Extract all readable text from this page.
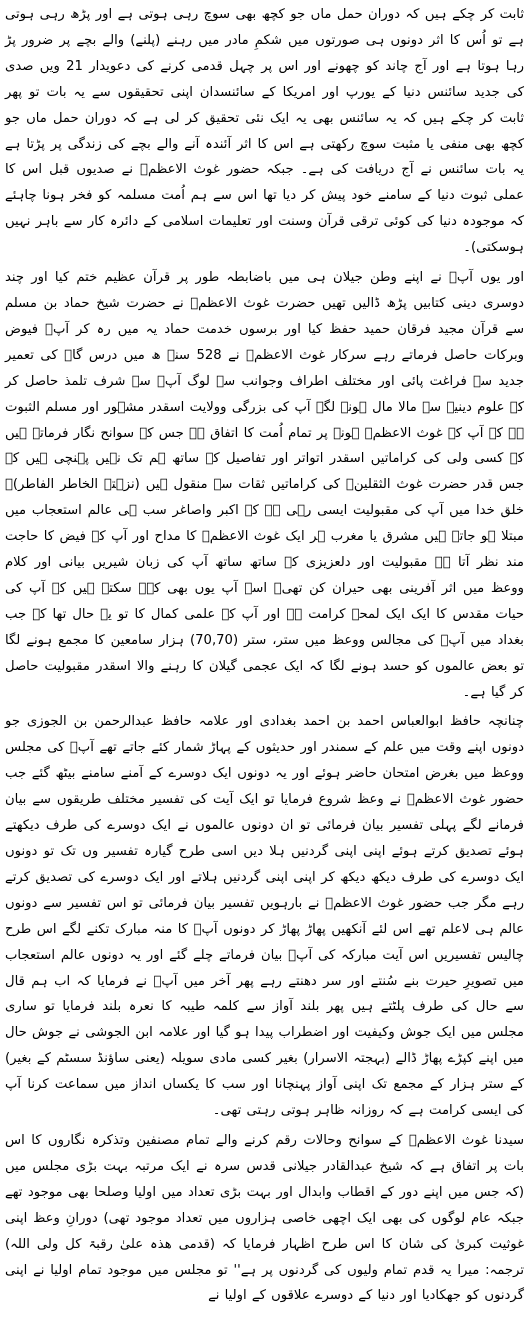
ثابت کر چکے ہیں کہ دوران حمل ماں جو کچھ بھی سوچ رہی ہوتی ہے اور پڑھ رہی ہوتی ہے تو اُس کا اثر دونوں ہی صورتوں میں شکمِ مادر میں رہنے (پلنے) والے بچے پر ضرور پڑ رہا ہوتا ہے اور آج چاند کو چھونے اور اس پر چہل قدمی کرنے کی دعویدار 21 ویں صدی کی جدید سائنس دنیا کے یورپ اور امریکا کے سائنسدان اپنی تحقیقوں سے یہ بات تو پھر ثابت کر چکے ہیں کہ یہ سائنس بھی یہ ایک نئی تحقیق کر لی ہے کہ دوران حمل ماں جو کچھ بھی منفی یا مثبت سوچ رکھتی ہے اس کا اثر آئندہ آنے والے بچے کی زندگی پر پڑتا ہے یہ بات سائنس نے آج دریافت کی ہے۔ جبکہ حضور غوث الاعظمؒ نے صدیوں قبل اس کا عملی ثبوت دنیا کے سامنے خود پیش کر دیا تھا اس سے ہم اُمت مسلمہ کو فخر ہونا چاہئے کہ موجودہ دنیا کی کوئی ترقی قرآن وسنت اور تعلیمات اسلامی کے دائرہ کار سے باہر نہیں ہوسکتی)۔

اور یوں آپؒ نے اپنے وطن جیلان ہی میں باضابطہ طور پر قرآن عظیم ختم کیا اور چند دوسری دینی کتابیں پڑھ ڈالیں تھیں حضرت غوث الاعظمؒ نے حضرت شیخ حماد بن مسلم سے قرآن مجید فرقان حمید حفظ کیا اور برسوں خدمت حماد یہ میں رہ کر آپؒ فیوض وبرکات حاصل فرماتے رہے سرکار غوث الاعظمؒ نے 528 سنہ ھ میں درس گاہ کی تعمیر جدید سے فراغت پائی اور مختلف اطراف وجوانب سے لوگ آپؒ سے شرف تلمذ حاصل کر کے علوم دینیہ سے مالا مال ہونے لگے آپ کی بزرگی وولایت اسقدر مشہور اور مسلم الثبوت ہے کہ آپ کے غوث الاعظمؒ ہونے پر تمام اُمت کا اتفاق ہے جس کے سوانح نگار فرماتے ہیں کہ کسی ولی کی کراماتیں اسقدر اتواتر اور تفاصیل کے ساتھ ہم تک نہیں پہنچی ہیں کہ جس قدر حضرت غوث الثقلینؒ کی کراماتیں ثقات سے منقول ہیں (نزہتہ الخاطر الفاطر)۔ خلق خدا میں آپ کی مقبولیت ایسی رہی ہے کہ اکبر واصاغر سب ہی عالم استعجاب میں مبتلا ہو جاتے ہیں مشرق یا مغرب ہر ایک غوث الاعظمؒ کا مداح اور آپ کے فیض کا حاجت مند نظر آتا ہے مقبولیت اور دلعزیزی کے ساتھ ساتھ آپ کی زبان شیریں بیانی اور کلام ووعظ میں اثر آفرینی بھی حیران کن تھی۔ اسے آپ یوں بھی کہہ سکتے ہیں کہ آپ کی حیات مقدس کا ایک ایک لمحہ کرامت ہے اور آپ کے علمی کمال کا تو یہ حال تھا کہ جب بغداد میں آپؒ کی مجالس ووعظ میں ستر، ستر (70,70) ہزار سامعین کا مجمع ہونے لگا تو بعض عالموں کو حسد ہونے لگا کہ ایک عجمی گیلان کا رہنے والا اسقدر مقبولیت حاصل کر گیا ہے۔

چنانچہ حافظ ابوالعباس احمد بن احمد بغدادی اور علامہ حافظ عبدالرحمن بن الجوزی جو دونوں اپنے وقت میں علم کے سمندر اور حدیثوں کے پہاڑ شمار کئے جاتے تھے آپؒ کی مجلس ووعظ میں بغرض امتحان حاضر ہوئے اور یہ دونوں ایک دوسرے کے آمنے سامنے بیٹھ گئے جب حضور غوث الاعظمؒ نے وعظ شروع فرمایا تو ایک آیت کی تفسیر مختلف طریقوں سے بیان فرمانے لگے پہلی تفسیر بیان فرمائی تو ان دونوں عالموں نے ایک دوسرے کی طرف دیکھتے ہوئے تصدیق کرتے ہوئے اپنی اپنی گردنیں ہلا دیں اسی طرح گیارہ تفسیر وں تک تو دونوں ایک دوسرے کی طرف دیکھ دیکھ کر اپنی اپنی گردنیں ہلاتے اور ایک دوسرے کی تصدیق کرتے رہے مگر جب حضور غوث الاعظمؒ نے بارہویں تفسیر بیان فرمائی تو اس تفسیر سے دونوں عالم ہی لاعلم تھے اس لئے آنکھیں پھاڑ پھاڑ کر دونوں آپؒ کا منہ مبارک تکنے لگے اس طرح چالیس تفسیریں اس آیت مبارکہ کی آپؒ بیان فرماتے چلے گئے اور یہ دونوں عالم استعجاب میں تصویرِ حیرت بنے سُنتے اور سر دھنتے رہے پھر آخر میں آپؒ نے فرمایا کہ اب ہم قال سے حال کی طرف پلٹتے ہیں پھر بلند آواز سے کلمہ طیبہ کا نعرہ بلند فرمایا تو ساری مجلس میں ایک جوش وکیفیت اور اضطراب پیدا ہو گیا اور علامہ ابن الجوشی نے جوش حال میں اپنے کپڑے پھاڑ ڈالے (بہجتہ الاسرار) بغیر کسی مادی سویلہ (یعنی ساؤنڈ سسٹم کے بغیر) کے ستر ہزار کے مجمع تک اپنی آواز پہنچانا اور سب کا یکساں انداز میں سماعت کرنا آپ کی ایسی کرامت ہے کہ روزانہ ظاہر ہوتی رہتی تھی۔

سیدنا غوث الاعظمؒ کے سوانح وحالات رقم کرنے والے تمام مصنفین وتذکرہ نگاروں کا اس بات پر اتفاق ہے کہ شیخ عبدالقادر جیلانی قدس سرہ نے ایک مرتبہ بہت بڑی مجلس میں (کہ جس میں اپنے دور کے اقطاب وابدال اور بہت بڑی تعداد میں اولیا وصلحا بھی موجود تھے جبکہ عام لوگوں کی بھی ایک اچھی خاصی ہزاروں میں تعداد موجود تھی) دورانِ وعظ اپنی غوثیت کبریٰ کی شان کا اس طرح اظہار فرمایا کہ (قدمی ھذہ علیٰ رقبۃ کل ولی اللہ) ترجمہ: میرا یہ قدم تمام ولیوں کی گردنوں پر ہے'' تو مجلس میں موجود تمام اولیا نے اپنی گردنوں کو جھکادیا اور دنیا کے دوسرے علاقوں کے اولیا نے
